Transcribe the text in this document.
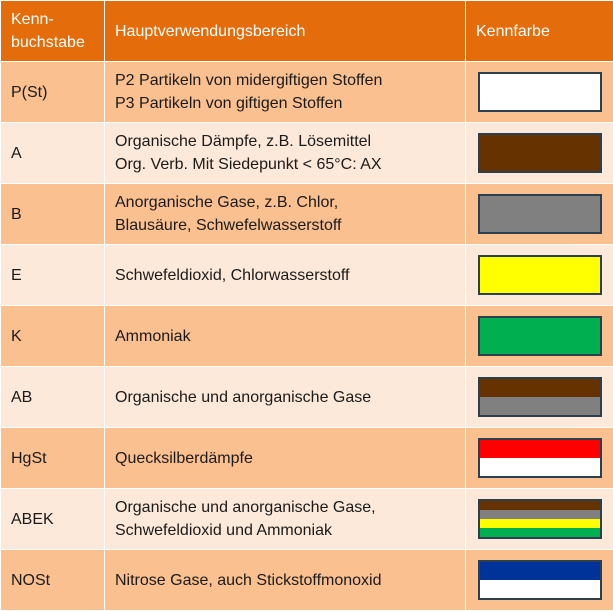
Kenn-
buchstabe	Hauptverwendungsbereich	Kennfarbe
P(St)	P2 Partikeln von midergiftigen Stoffen
P3 Partikeln von giftigen Stoffen	

A	Organische Dämpfe, z.B. Lösemittel
Org. Verb. Mit Siedepunkt < 65°C: AX	

B	Anorganische Gase, z.B. Chlor,
Blausäure, Schwefelwasserstoff	

E	Schwefeldioxid, Chlorwasserstoff	

K	Ammoniak	

AB	Organische und anorganische Gase	

HgSt	Quecksilberdämpfe	

ABEK	Organische und anorganische Gase,
Schwefeldioxid und Ammoniak	

NOSt	Nitrose Gase, auch Stickstoffmonoxid	
